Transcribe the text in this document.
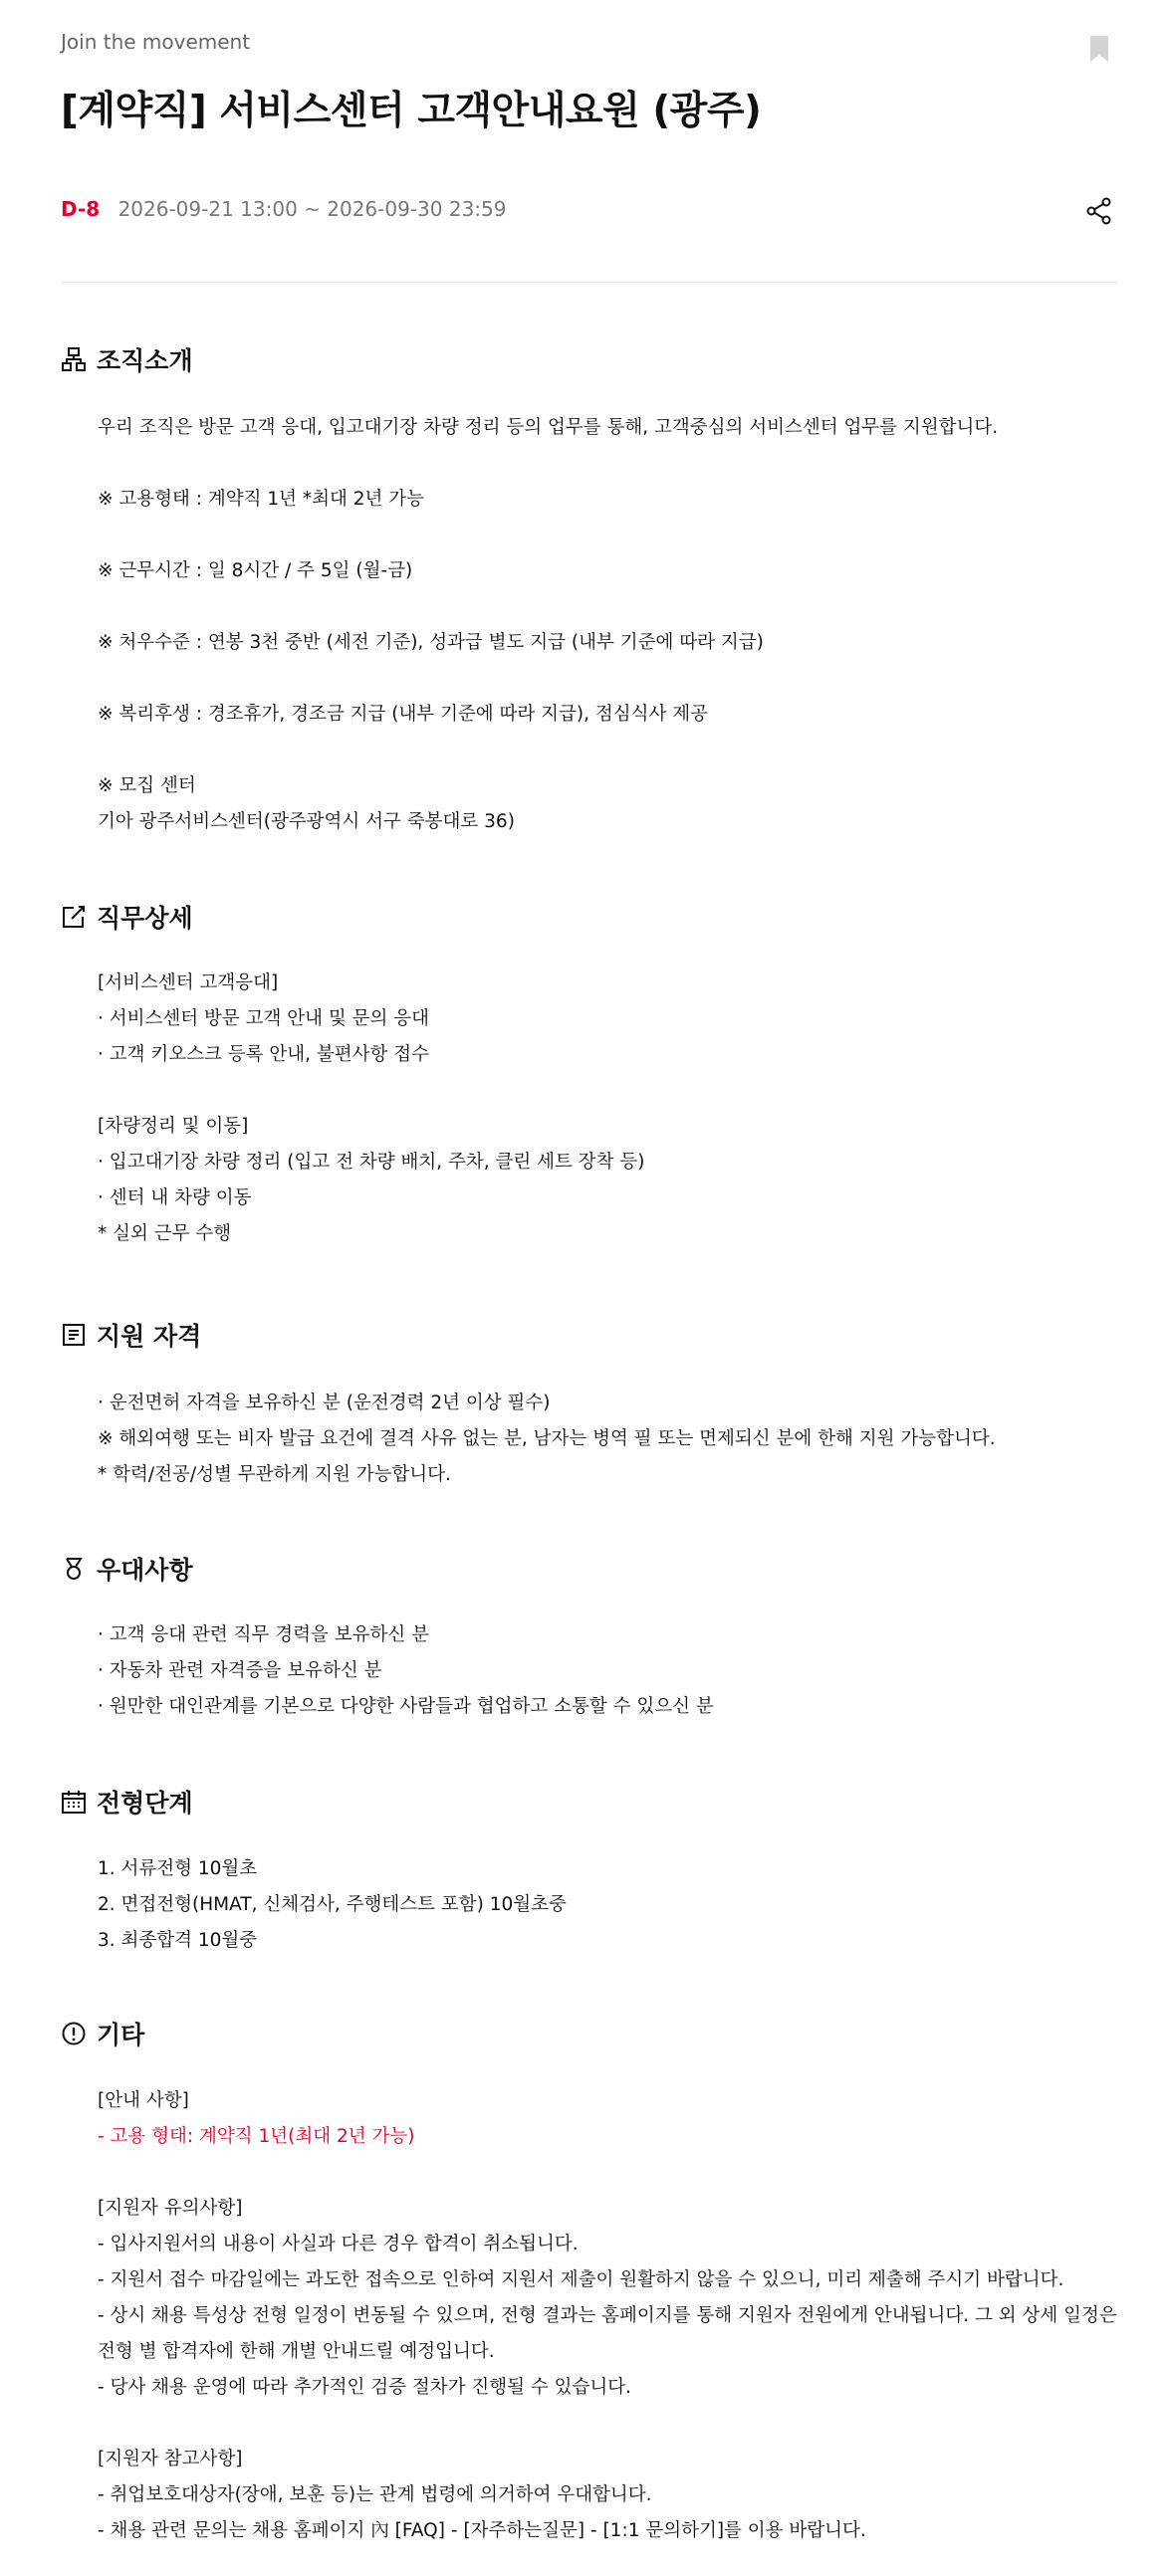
Join the movement
[계약직] 서비스센터 고객안내요원 (광주)
D-8 2026-09-21 13:00 ~ 2026-09-30 23:59
조직소개
우리 조직은 방문 고객 응대, 입고대기장 차량 정리 등의 업무를 통해, 고객중심의 서비스센터 업무를 지원합니다.
※ 고용형태 : 계약직 1년 *최대 2년 가능
※ 근무시간 : 일 8시간 / 주 5일 (월-금)
※ 처우수준 : 연봉 3천 중반 (세전 기준), 성과급 별도 지급 (내부 기준에 따라 지급)
※ 복리후생 : 경조휴가, 경조금 지급 (내부 기준에 따라 지급), 점심식사 제공
※ 모집 센터
기아 광주서비스센터(광주광역시 서구 죽봉대로 36)
직무상세
[서비스센터 고객응대]
· 서비스센터 방문 고객 안내 및 문의 응대
· 고객 키오스크 등록 안내, 불편사항 접수
[차량정리 및 이동]
· 입고대기장 차량 정리 (입고 전 차량 배치, 주차, 클린 세트 장착 등)
· 센터 내 차량 이동
* 실외 근무 수행
지원 자격
· 운전면허 자격을 보유하신 분 (운전경력 2년 이상 필수)
※ 해외여행 또는 비자 발급 요건에 결격 사유 없는 분, 남자는 병역 필 또는 면제되신 분에 한해 지원 가능합니다.
* 학력/전공/성별 무관하게 지원 가능합니다.
우대사항
· 고객 응대 관련 직무 경력을 보유하신 분
· 자동차 관련 자격증을 보유하신 분
· 원만한 대인관계를 기본으로 다양한 사람들과 협업하고 소통할 수 있으신 분
전형단계
1. 서류전형 10월초
2. 면접전형(HMAT, 신체검사, 주행테스트 포함) 10월초중
3. 최종합격 10월중
기타
[안내 사항]
- 고용 형태: 계약직 1년(최대 2년 가능)
[지원자 유의사항]
- 입사지원서의 내용이 사실과 다른 경우 합격이 취소됩니다.
- 지원서 접수 마감일에는 과도한 접속으로 인하여 지원서 제출이 원활하지 않을 수 있으니, 미리 제출해 주시기 바랍니다.
- 상시 채용 특성상 전형 일정이 변동될 수 있으며, 전형 결과는 홈페이지를 통해 지원자 전원에게 안내됩니다. 그 외 상세 일정은
전형 별 합격자에 한해 개별 안내드릴 예정입니다.
- 당사 채용 운영에 따라 추가적인 검증 절차가 진행될 수 있습니다.
[지원자 참고사항]
- 취업보호대상자(장애, 보훈 등)는 관계 법령에 의거하여 우대합니다.
- 채용 관련 문의는 채용 홈페이지 內 [FAQ] - [자주하는질문] - [1:1 문의하기]를 이용 바랍니다.
